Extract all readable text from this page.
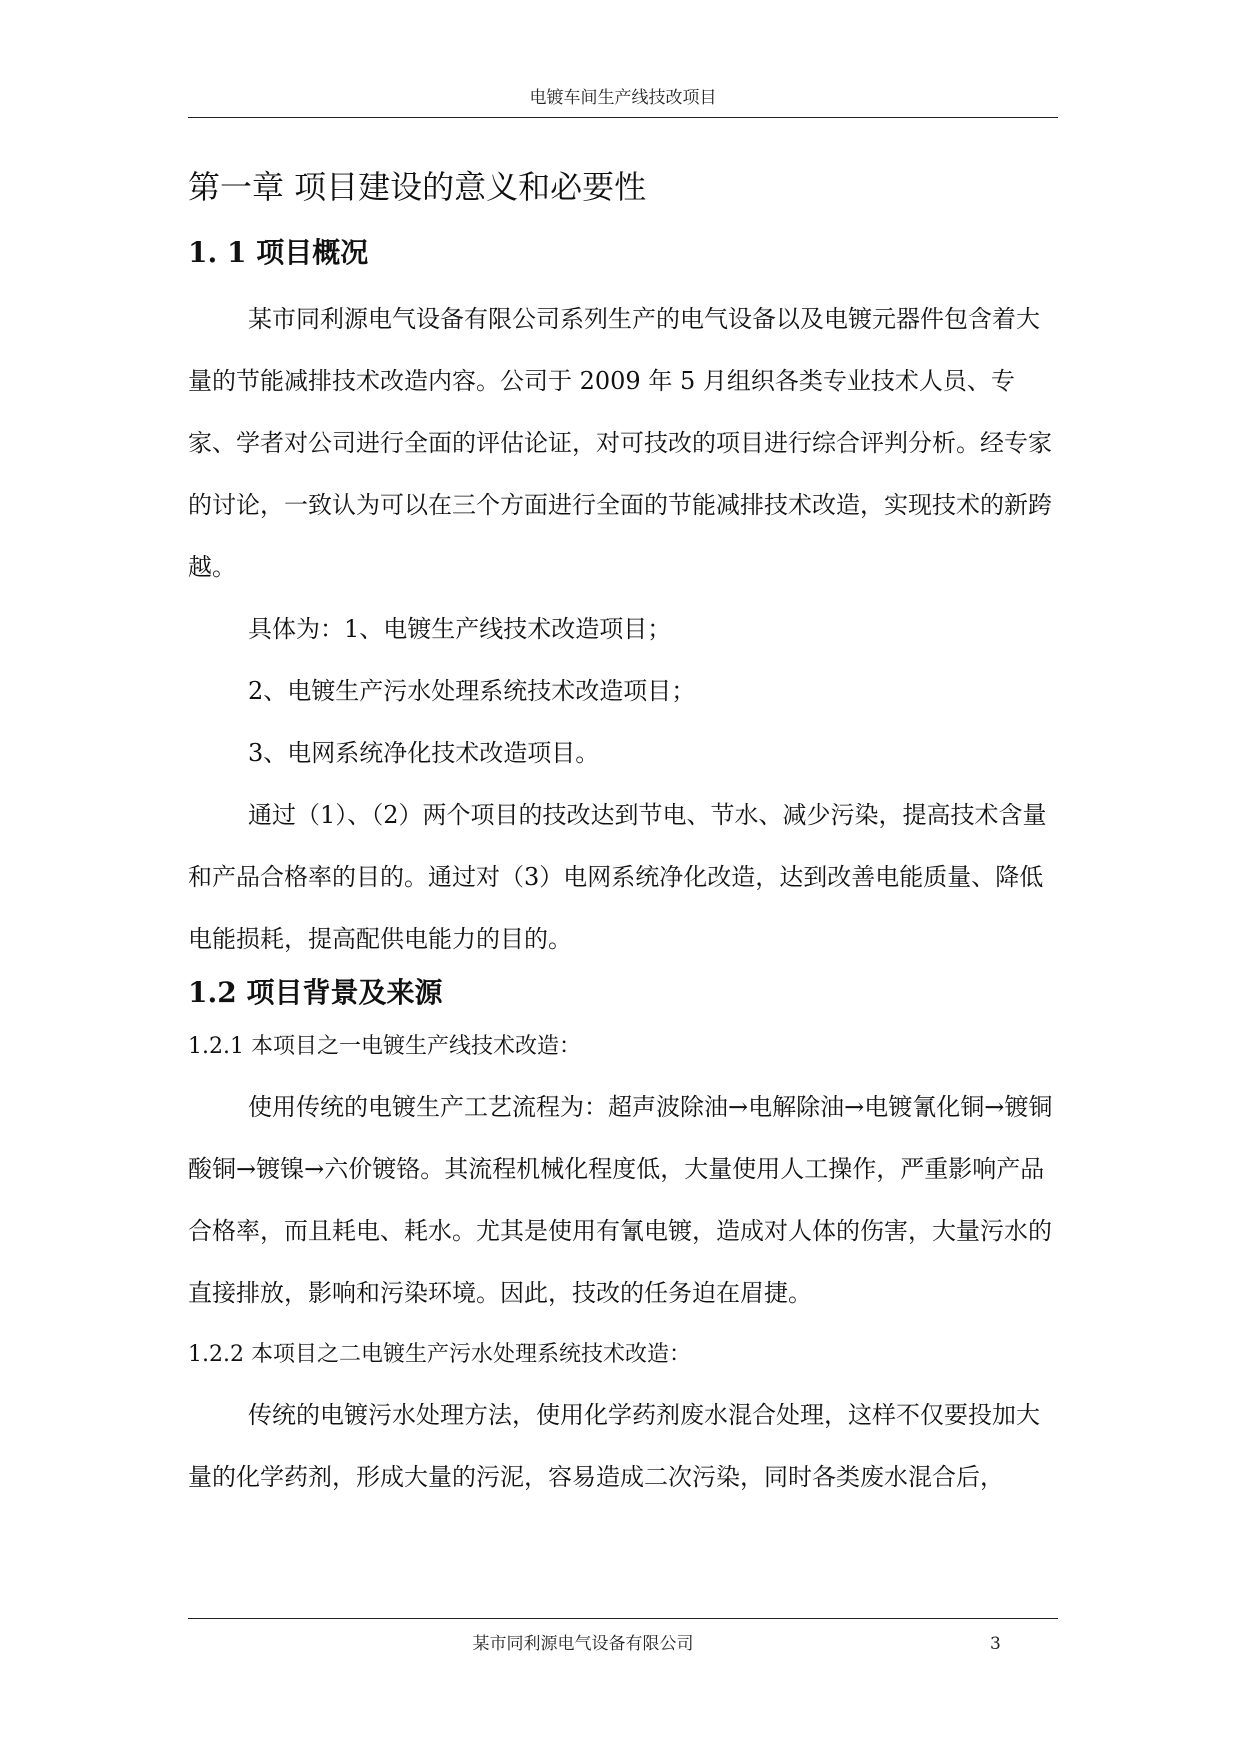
电镀车间生产线技改项目
第一章 项目建设的意义和必要性
1. 1 项目概况

某市同利源电气设备有限公司系列生产的电气设备以及电镀元器件包含着大量的节能减排技术改造内容。公司于 2009 年 5 月组织各类专业技术人员、专家、学者对公司进行全面的评估论证，对可技改的项目进行综合评判分析。经专家的讨论，一致认为可以在三个方面进行全面的节能减排技术改造，实现技术的新跨越。

具体为：1、电镀生产线技术改造项目；

2、电镀生产污水处理系统技术改造项目；

3、电网系统净化技术改造项目。

通过（1）、（2）两个项目的技改达到节电、节水、减少污染，提高技术含量和产品合格率的目的。通过对（3）电网系统净化改造，达到改善电能质量、降低电能损耗，提高配供电能力的目的。

1.2 项目背景及来源

1.2.1 本项目之一电镀生产线技术改造：

使用传统的电镀生产工艺流程为：超声波除油→电解除油→电镀氰化铜→镀铜酸铜→镀镍→六价镀铬。其流程机械化程度低，大量使用人工操作，严重影响产品合格率，而且耗电、耗水。尤其是使用有氰电镀，造成对人体的伤害，大量污水的直接排放，影响和污染环境。因此，技改的任务迫在眉捷。

1.2.2 本项目之二电镀生产污水处理系统技术改造：

传统的电镀污水处理方法，使用化学药剂废水混合处理，这样不仅要投加大量的化学药剂，形成大量的污泥，容易造成二次污染，同时各类废水混合后，

某市同利源电气设备有限公司	3
